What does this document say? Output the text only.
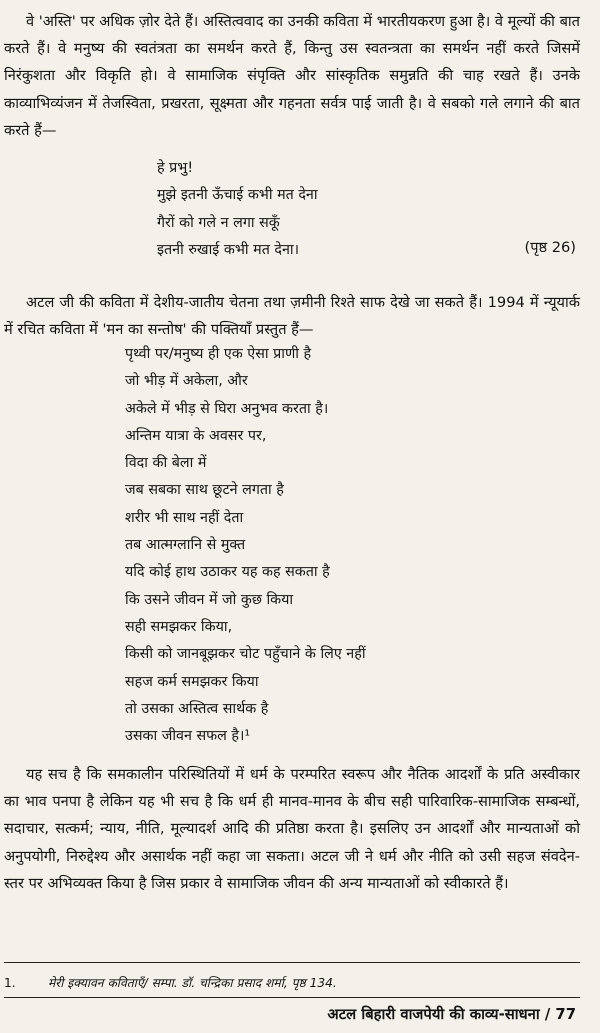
वे 'अस्ति' पर अधिक ज़ोर देते हैं। अस्तित्ववाद का उनकी कविता में भारतीयकरण हुआ है। वे मूल्यों की बात करते हैं। वे मनुष्य की स्वतंत्रता का समर्थन करते हैं, किन्तु उस स्वतन्त्रता का समर्थन नहीं करते जिसमें निरंकुशता और विकृति हो। वे सामाजिक संपृक्ति और सांस्कृतिक समुन्नति की चाह रखते हैं। उनके काव्याभिव्यंजन में तेजस्विता, प्रखरता, सूक्ष्मता और गहनता सर्वत्र पाई जाती है। वे सबको गले लगाने की बात करते हैं—

हे प्रभु!
मुझे इतनी ऊँचाई कभी मत देना
गैरों को गले न लगा सकूँ
इतनी रुखाई कभी मत देना।	(पृष्ठ 26)

अटल जी की कविता में देशीय-जातीय चेतना तथा ज़मीनी रिश्ते साफ देखे जा सकते हैं। 1994 में न्यूयार्क में रचित कविता में 'मन का सन्तोष' की पक्तियाँ प्रस्तुत हैं—

पृथ्वी पर/मनुष्य ही एक ऐसा प्राणी है
जो भीड़ में अकेला, और
अकेले में भीड़ से घिरा अनुभव करता है।
अन्तिम यात्रा के अवसर पर,
विदा की बेला में
जब सबका साथ छूटने लगता है
शरीर भी साथ नहीं देता
तब आत्मग्लानि से मुक्त
यदि कोई हाथ उठाकर यह कह सकता है
कि उसने जीवन में जो कुछ किया
सही समझकर किया,
किसी को जानबूझकर चोट पहुँचाने के लिए नहीं
सहज कर्म समझकर किया
तो उसका अस्तित्व सार्थक है
उसका जीवन सफल है।¹

यह सच है कि समकालीन परिस्थितियों में धर्म के परम्परित स्वरूप और नैतिक आदर्शों के प्रति अस्वीकार का भाव पनपा है लेकिन यह भी सच है कि धर्म ही मानव-मानव के बीच सही पारिवारिक-सामाजिक सम्बन्धों, सदाचार, सत्कर्म; न्याय, नीति, मूल्यादर्श आदि की प्रतिष्ठा करता है। इसलिए उन आदर्शों और मान्यताओं को अनुपयोगी, निरुद्देश्य और असार्थक नहीं कहा जा सकता। अटल जी ने धर्म और नीति को उसी सहज संवदेन-स्तर पर अभिव्यक्त किया है जिस प्रकार वे सामाजिक जीवन की अन्य मान्यताओं को स्वीकारते हैं।

1.	मेरी इक्यावन कविताएँ/ सम्पा. डॉ. चन्द्रिका प्रसाद शर्मा, पृष्ठ 134.
अटल बिहारी वाजपेयी की काव्य-साधना / 77
